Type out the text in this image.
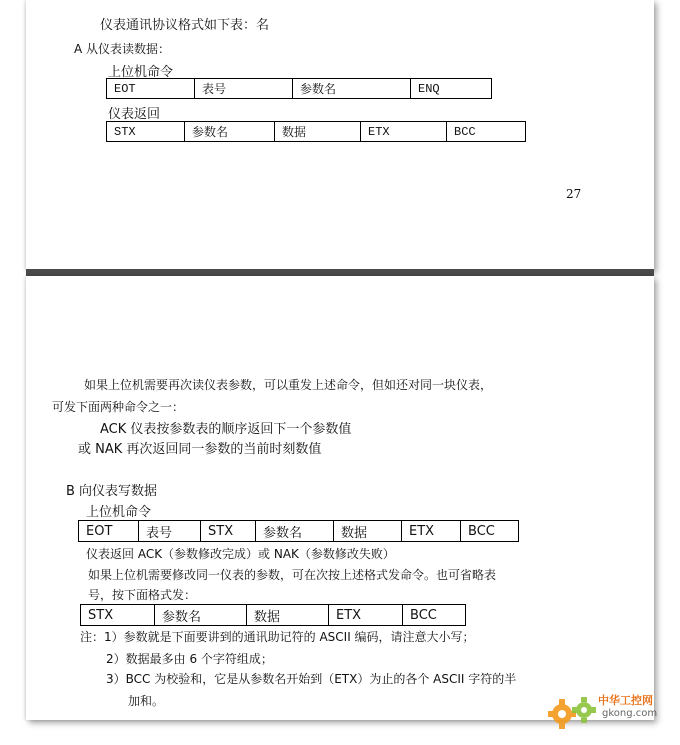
仪表通讯协议格式如下表：名
A 从仪表读数据：
上位机命令
EOT	表号	参数名	ENQ
仪表返回
STX	参数名	数据	ETX	BCC
27
如果上位机需要再次读仪表参数，可以重发上述命令，但如还对同一块仪表，
可发下面两种命令之一：
ACK 仪表按参数表的顺序返回下一个参数值
或 NAK 再次返回同一参数的当前时刻数值
B 向仪表写数据
上位机命令
EOT	表号	STX	参数名	数据	ETX	BCC
仪表返回 ACK（参数修改完成）或 NAK（参数修改失败）
如果上位机需要修改同一仪表的参数，可在次按上述格式发命令。也可省略表
号，按下面格式发：
STX	参数名	数据	ETX	BCC
注：1）参数就是下面要讲到的通讯助记符的 ASCII 编码，请注意大小写；
2）数据最多由 6 个字符组成；
3）BCC 为校验和，它是从参数名开始到（ETX）为止的各个 ASCII 字符的半
加和。	中华工控网
gkong.com
